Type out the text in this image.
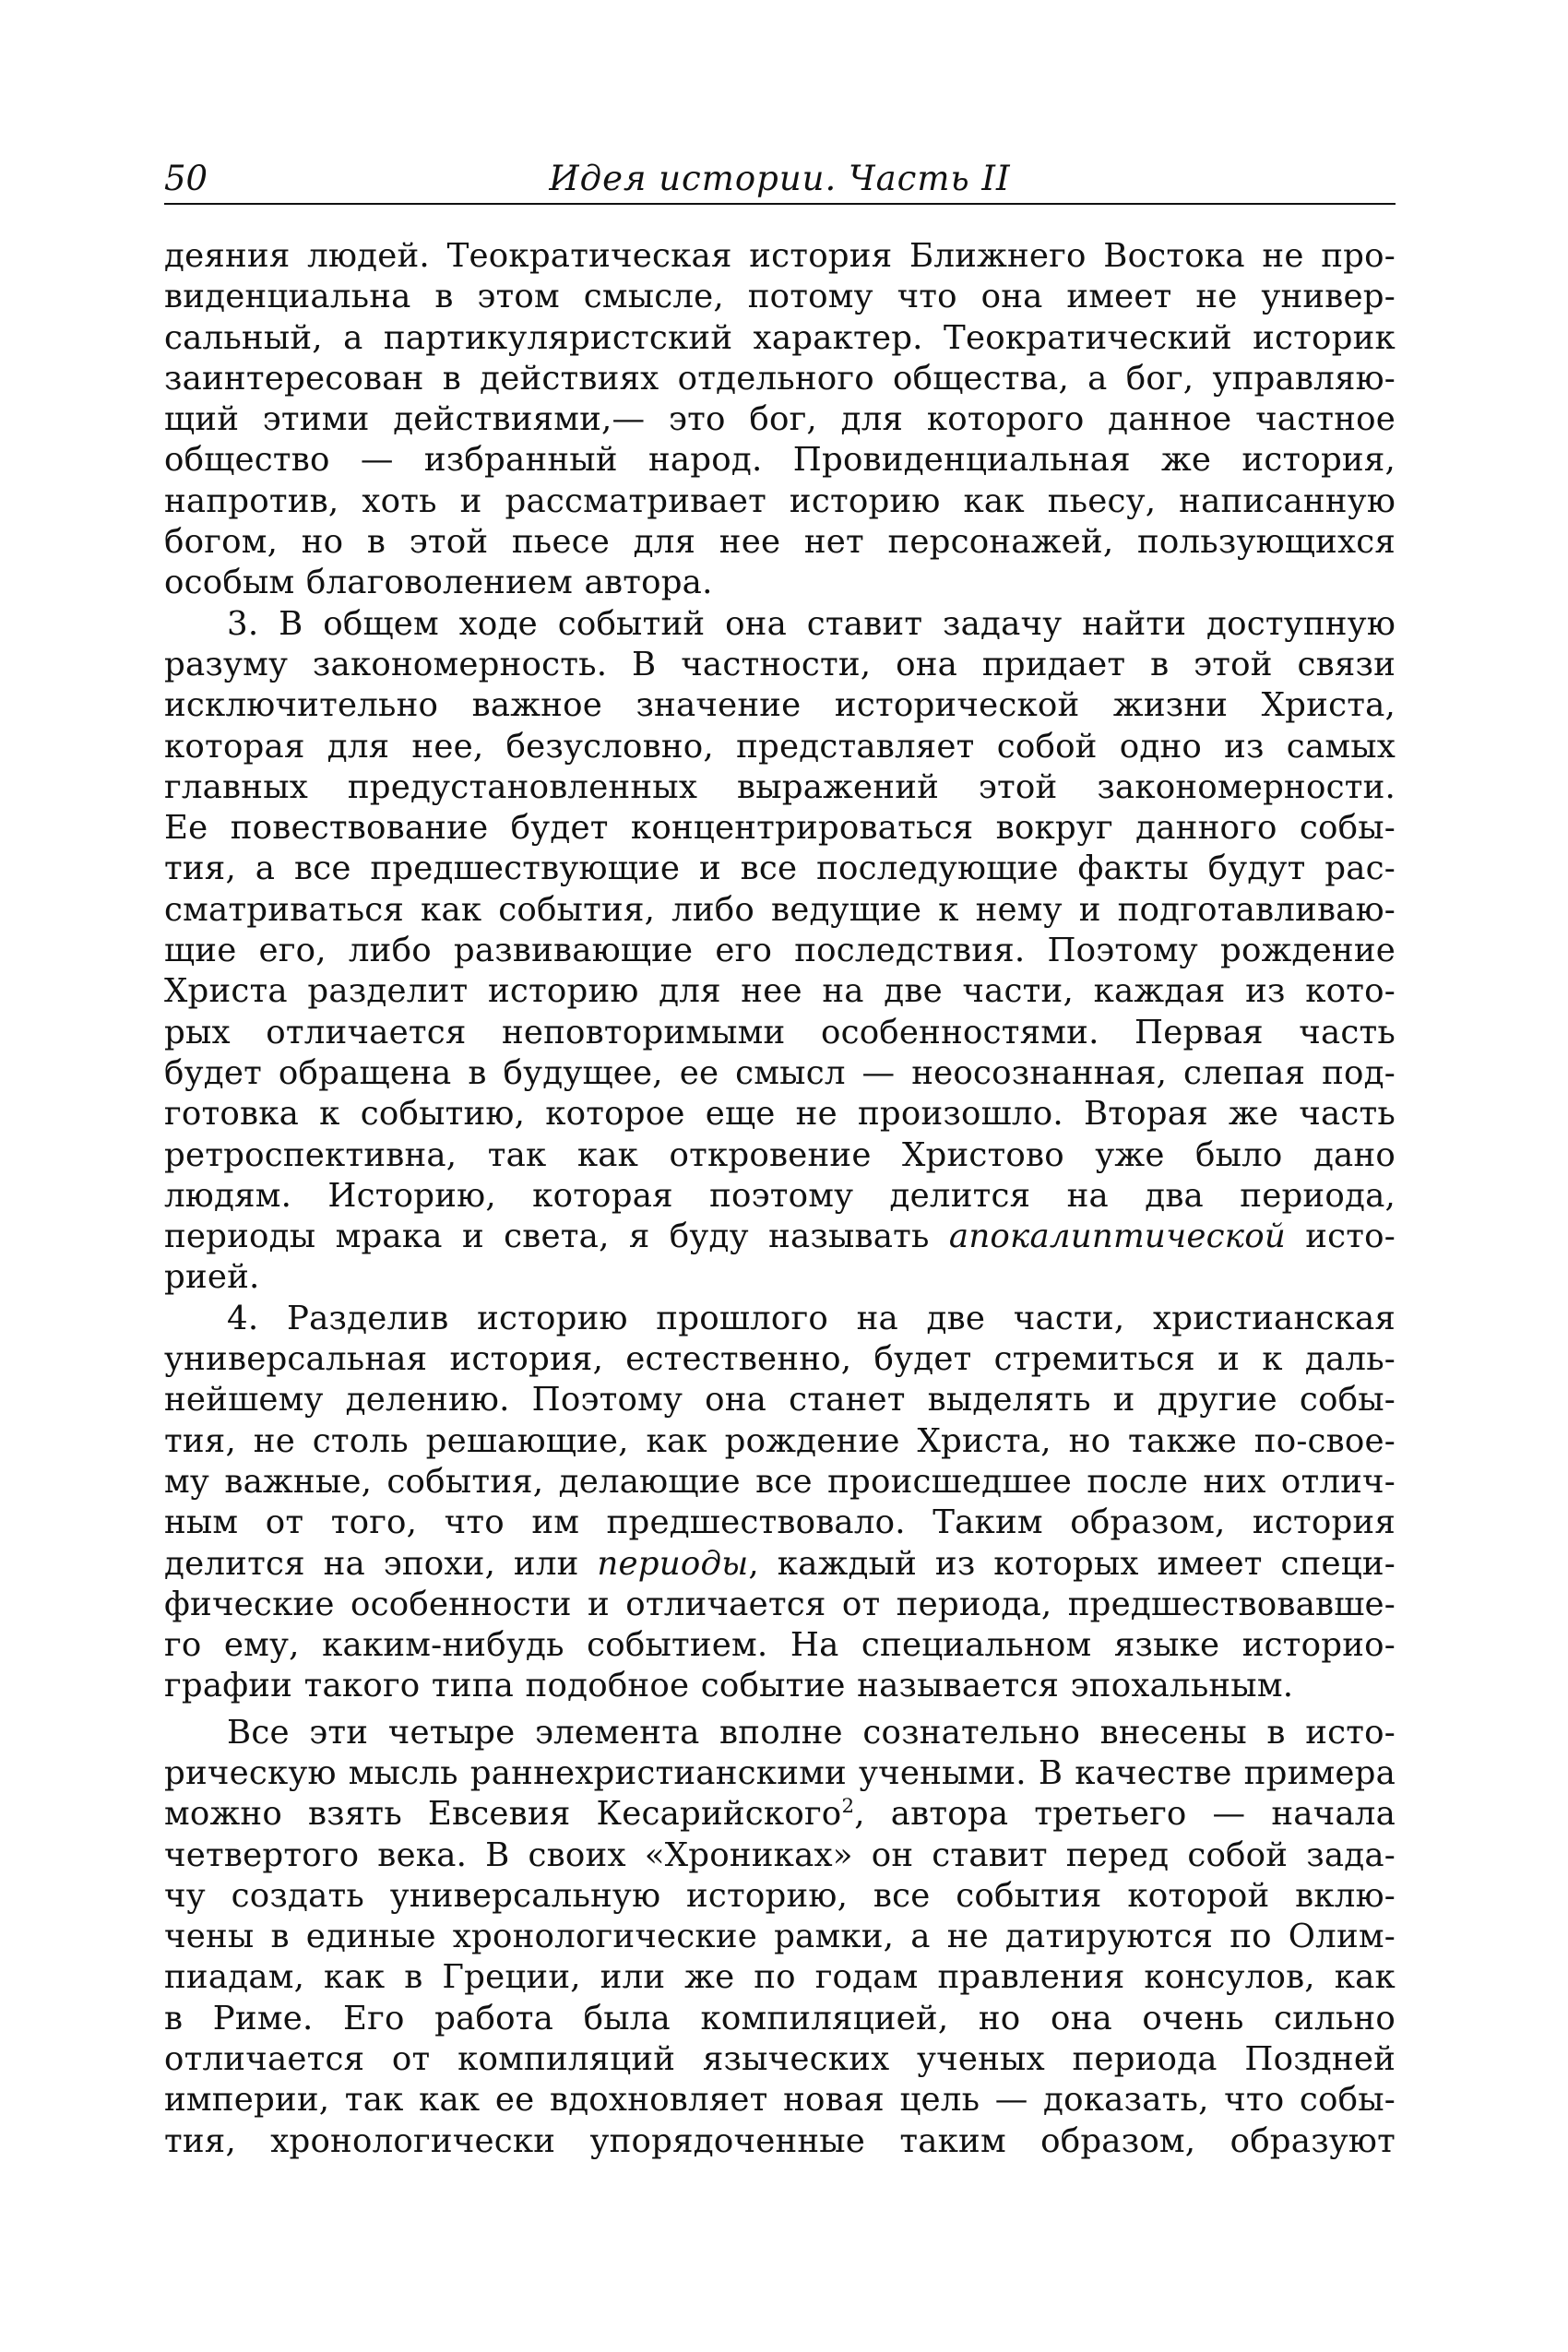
50	Идея истории. Часть II
деяния людей. Теократическая история Ближнего Востока не про-
виденциальна в этом смысле, потому что она имеет не универ-
сальный, а партикуляристский характер. Теократический историк
заинтересован в действиях отдельного общества, а бог, управляю-
щий этими действиями,— это бог, для которого данное частное
общество — избранный народ. Провиденциальная же история,
напротив, хоть и рассматривает историю как пьесу, написанную
богом, но в этой пьесе для нее нет персонажей, пользующихся
особым благоволением автора.
3. В общем ходе событий она ставит задачу найти доступную
разуму закономерность. В частности, она придает в этой связи
исключительно важное значение исторической жизни Христа,
которая для нее, безусловно, представляет собой одно из самых
главных предустановленных выражений этой закономерности.
Ее повествование будет концентрироваться вокруг данного собы-
тия, а все предшествующие и все последующие факты будут рас-
сматриваться как события, либо ведущие к нему и подготавливаю-
щие его, либо развивающие его последствия. Поэтому рождение
Христа разделит историю для нее на две части, каждая из кото-
рых отличается неповторимыми особенностями. Первая часть
будет обращена в будущее, ее смысл — неосознанная, слепая под-
готовка к событию, которое еще не произошло. Вторая же часть
ретроспективна, так как откровение Христово уже было дано
людям. Историю, которая поэтому делится на два периода,
периоды мрака и света, я буду называть апокалиптической исто-
рией.
4. Разделив историю прошлого на две части, христианская
универсальная история, естественно, будет стремиться и к даль-
нейшему делению. Поэтому она станет выделять и другие собы-
тия, не столь решающие, как рождение Христа, но также по-свое-
му важные, события, делающие все происшедшее после них отлич-
ным от того, что им предшествовало. Таким образом, история
делится на эпохи, или периоды, каждый из которых имеет специ-
фические особенности и отличается от периода, предшествовавше-
го ему, каким-нибудь событием. На специальном языке историо-
графии такого типа подобное событие называется эпохальным.
Все эти четыре элемента вполне сознательно внесены в исто-
рическую мысль раннехристианскими учеными. В качестве примера
можно взять Евсевия Кесарийского$^2$, автора третьего — начала
четвертого века. В своих «Хрониках» он ставит перед собой зада-
чу создать универсальную историю, все события которой вклю-
чены в единые хронологические рамки, а не датируются по Олим-
пиадам, как в Греции, или же по годам правления консулов, как
в Риме. Его работа была компиляцией, но она очень сильно
отличается от компиляций языческих ученых периода Поздней
империи, так как ее вдохновляет новая цель — доказать, что собы-
тия, хронологически упорядоченные таким образом, образуют
